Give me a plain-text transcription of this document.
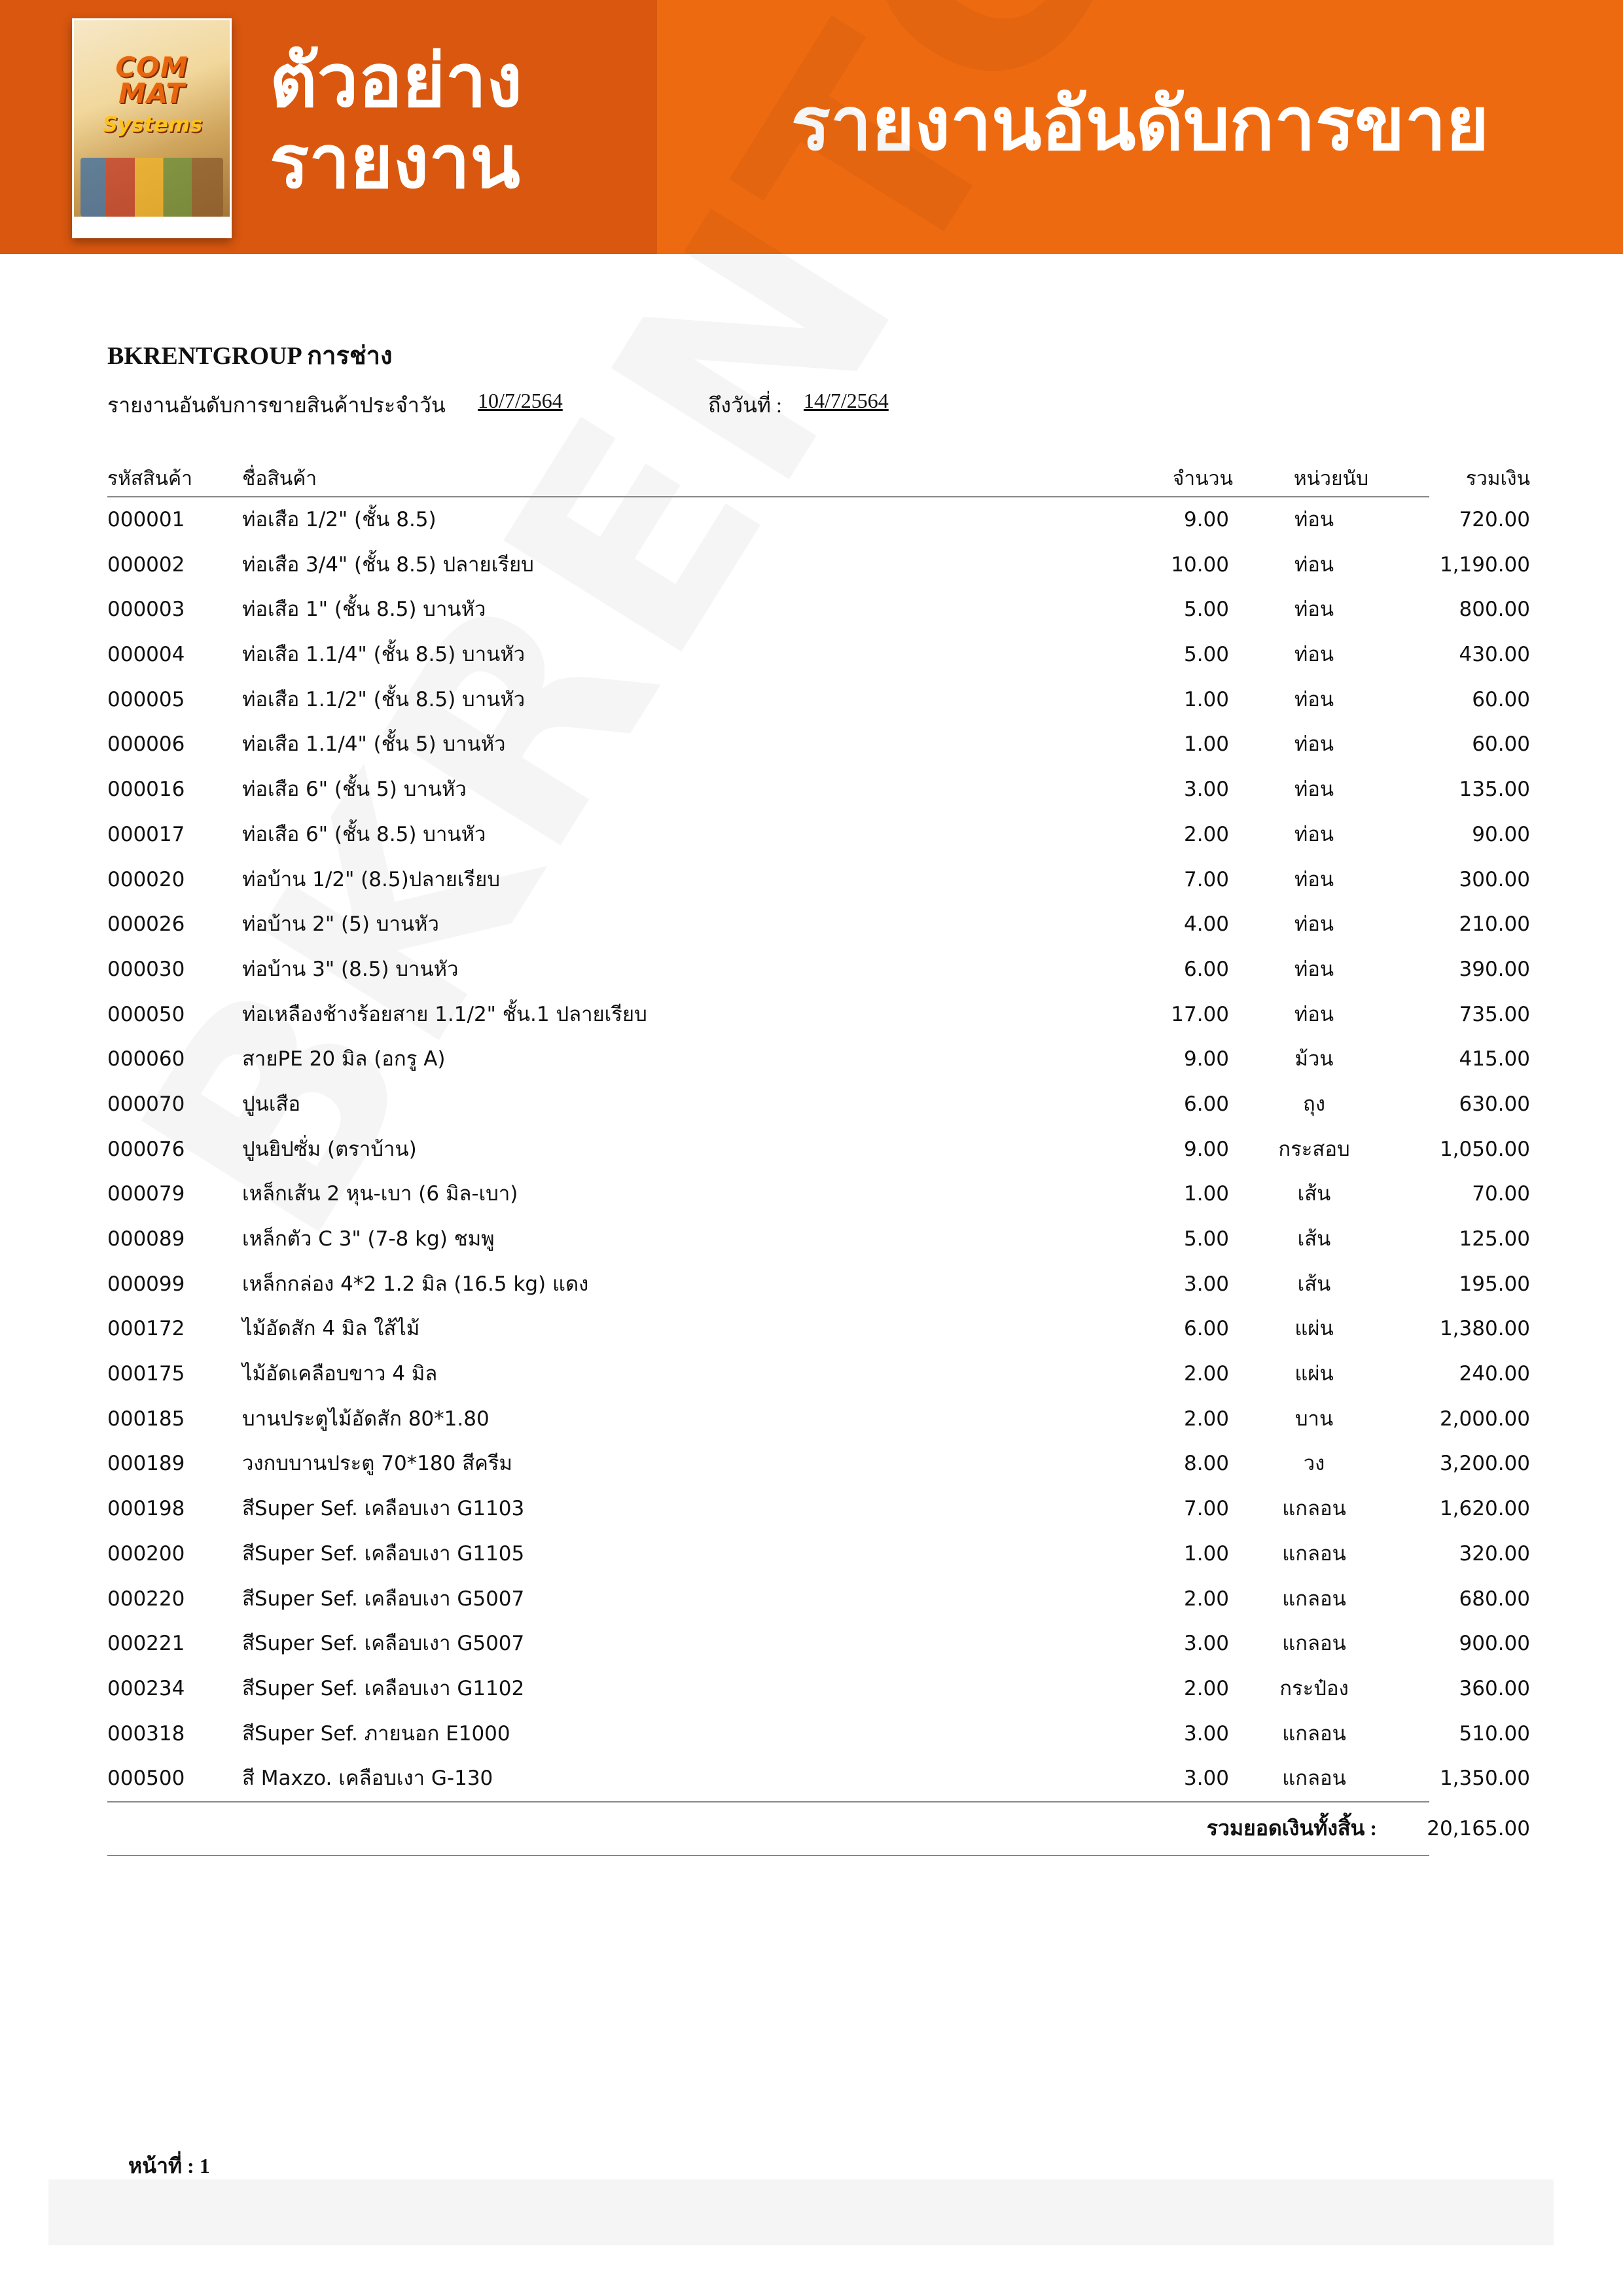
COM
MAT
Systems
ตัวอย่าง
รายงาน	รายงานอันดับการขาย
BKRENTGROUP การช่าง
รายงานอันดับการขายสินค้าประจำวัน 10/7/2564	ถึงวันที่ : 14/7/2564
รหัสสินค้า	ชื่อสินค้า	จำนวน	หน่วยนับ	รวมเงิน
000001	ท่อเสือ 1/2" (ชั้น 8.5)	9.00	ท่อน	720.00
000002	ท่อเสือ 3/4" (ชั้น 8.5) ปลายเรียบ	10.00	ท่อน	1,190.00
000003	ท่อเสือ 1" (ชั้น 8.5) บานหัว	5.00	ท่อน	800.00
000004	ท่อเสือ 1.1/4" (ชั้น 8.5) บานหัว	5.00	ท่อน	430.00
000005	ท่อเสือ 1.1/2" (ชั้น 8.5) บานหัว	1.00	ท่อน	60.00
000006	ท่อเสือ 1.1/4" (ชั้น 5) บานหัว	1.00	ท่อน	60.00
000016	ท่อเสือ 6" (ชั้น 5) บานหัว	3.00	ท่อน	135.00
000017	ท่อเสือ 6" (ชั้น 8.5) บานหัว	2.00	ท่อน	90.00
000020	ท่อบ้าน 1/2" (8.5)ปลายเรียบ	7.00	ท่อน	300.00
000026	ท่อบ้าน 2" (5) บานหัว	4.00	ท่อน	210.00
000030	ท่อบ้าน 3" (8.5) บานหัว	6.00	ท่อน	390.00
000050	ท่อเหลืองช้างร้อยสาย 1.1/2" ชั้น.1 ปลายเรียบ	17.00	ท่อน	735.00
000060	สายPE 20 มิล (อกรู A)	9.00	ม้วน	415.00
000070	ปูนเสือ	6.00	ถุง	630.00
000076	ปูนยิปซั่ม (ตราบ้าน)	9.00	กระสอบ	1,050.00
000079	เหล็กเส้น 2 หุน-เบา (6 มิล-เบา)	1.00	เส้น	70.00
000089	เหล็กตัว C 3" (7-8 kg) ชมพู	5.00	เส้น	125.00
000099	เหล็กกล่อง 4*2 1.2 มิล (16.5 kg) แดง	3.00	เส้น	195.00
000172	ไม้อัดสัก 4 มิล ใส้ไม้	6.00	แผ่น	1,380.00
000175	ไม้อัดเคลือบขาว 4 มิล	2.00	แผ่น	240.00
000185	บานประตูไม้อัดสัก 80*1.80	2.00	บาน	2,000.00
000189	วงกบบานประตู 70*180 สีครีม	8.00	วง	3,200.00
000198	สีSuper Sef. เคลือบเงา G1103	7.00	แกลอน	1,620.00
000200	สีSuper Sef. เคลือบเงา G1105	1.00	แกลอน	320.00
000220	สีSuper Sef. เคลือบเงา G5007	2.00	แกลอน	680.00
000221	สีSuper Sef. เคลือบเงา G5007	3.00	แกลอน	900.00
000234	สีSuper Sef. เคลือบเงา G1102	2.00	กระป๋อง	360.00
000318	สีSuper Sef. ภายนอก E1000	3.00	แกลอน	510.00
000500	สี Maxzo. เคลือบเงา G-130	3.00	แกลอน	1,350.00
รวมยอดเงินทั้งสิ้น :	20,165.00
หน้าที่ : 1
